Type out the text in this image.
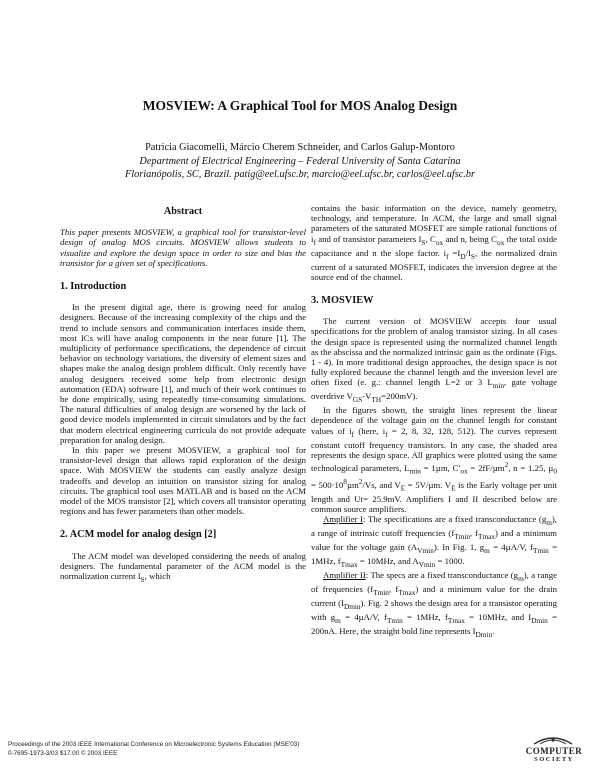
MOSVIEW: A Graphical Tool for MOS Analog Design
Patricia Giacomelli, Márcio Cherem Schneider, and Carlos Galup-Montoro
Department of Electrical Engineering – Federal University of Santa Catarina
Florianópolis, SC, Brazil. patig@eel.ufsc.br, marcio@eel.ufsc.br, carlos@eel.ufsc.br
Abstract

This paper presents MOSVIEW, a graphical tool for transistor-level design of analog MOS circuits. MOSVIEW allows students to visualize and explore the design space in order to size and bias the transistor for a given set of specifications.

1. Introduction

In the present digital age, there is growing need for analog designers. Because of the increasing complexity of the chips and the trend to include sensors and communication interfaces inside them, most ICs will have analog components in the near future [1]. The multiplicity of performance specifications, the dependence of circuit behavior on technology variations, the diversity of element sizes and shapes make the analog design problem difficult. Only recently have analog designers received some help from electronic design automation (EDA) software [1], and much of their work continues to be done empirically, using repeatedly time-consuming simulations. The natural difficulties of analog design are worsened by the lack of good device models implemented in circuit simulators and by the fact that modern electrical engineering curricula do not provide adequate preparation for analog design.

In this paper we present MOSVIEW, a graphical tool for transistor-level design that allows rapid exploration of the design space. With MOSVIEW the students can easily analyze design tradeoffs and develop an intuition on transistor sizing for analog circuits. The graphical tool uses MATLAB and is based on the ACM model of the MOS transistor [2], which covers all transistor operating regions and has fewer parameters than other models.

2. ACM model for analog design [2]

The ACM model was developed considering the needs of analog designers. The fundamental parameter of the ACM model is the normalization current $I_S$, which

contains the basic information on the device, namely geometry, technology, and temperature. In ACM, the large and small signal parameters of the saturated MOSFET are simple rational functions of $i_f$ and of transistor parameters $I_S$, $C_{ox}$ and n, being $C_{ox}$ the total oxide capacitance and n the slope factor. $i_f =I_D/I_S$, the normalized drain current of a saturated MOSFET, indicates the inversion degree at the source end of the channel.

3. MOSVIEW

The current version of MOSVIEW accepts four usual specifications for the problem of analog transistor sizing. In all cases the design space is represented using the normalized channel length as the abscissa and the normalized intrinsic gain as the ordinate (Figs. 1 - 4). In more traditional design approaches, the design space is not fully explored because the channel length and the inversion level are often fixed (e. g.: channel length L=2 or 3 $L_{min}$, gate voltage overdrive $V_{GS}-V_{TH}=200mV$).

In the figures shown, the straight lines represent the linear dependence of the voltage gain on the channel length for constant values of $i_f$ (here, $i_f = 2$, 8, 32, 128, 512). The curves represent constant cutoff frequency transistors. In any case, the shaded area represents the design space. All graphics were plotted using the same technological parameters, $L_{min} = 1\mu m$, $C'_{ox} = 2fF/\mu m^2$, n = 1.25, $\mu_0 = 500\cdot 10^8\mu m^2/Vs$, and $V_E = 5V/\mu m$. $V_E$ is the Early voltage per unit length and Ut= 25.9mV. Amplifiers I and II described below are common source amplifiers.

Amplifier I: The specifications are a fixed transconductance $(g_m)$, a range of intrinsic cutoff frequencies ($f_{Tmin}$, $f_{Tmax}$) and a minimum value for the voltage gain $(A_{Vmin})$. In Fig. 1, $g_m = 4\mu A/V$, $f_{Tmin} = 1MHz$, $f_{Tmax} = 10MHz$, and $A_{Vmin} = 1000$.

Amplifier II: The specs are a fixed transconductance $(g_m)$, a range of frequencies ($f_{Tmin}$, $f_{Tmax}$) and a minimum value for the drain current $(I_{Dmin})$. Fig. 2 shows the design area for a transistor operating with $g_m = 4\mu A/V$, $f_{Tmin} = 1MHz$, $f_{Tmax} = 10MHz$, and $I_{Dmin} = 200nA$. Here, the straight bold line represents $I_{Dmin}$.

Proceedings of the 2003 IEEE International Conference on Microelectronic Systems Education (MSE'03)
0-7695-1973-3/03 $17.00 © 2003 IEEE	COMPUTER
SOCIETY
